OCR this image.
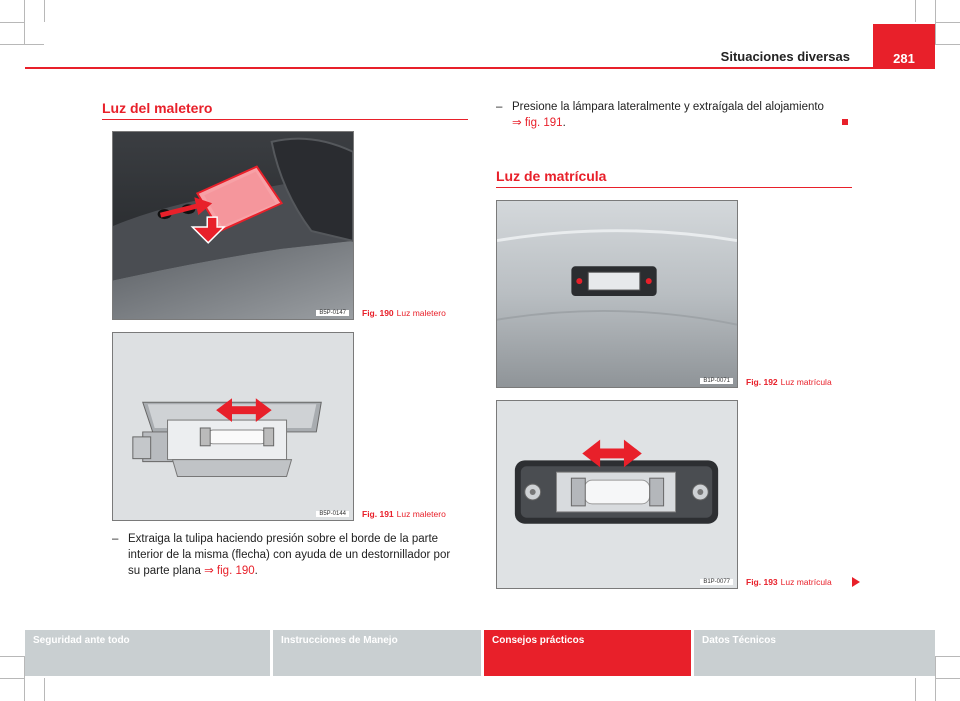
Situaciones diversas	281
Luz del maletero
B5P-0147	Fig. 190 Luz maletero
B5P-0144	Fig. 191 Luz maletero
– Extraiga la tulipa haciendo presión sobre el borde de la parte
interior de la misma (flecha) con ayuda de un destornillador por
su parte plana ⇒ fig. 190.
– Presione la lámpara lateralmente y extraígala del alojamiento
⇒ fig. 191.
Luz de matrícula
B1P-0071	Fig. 192 Luz matrícula
B1P-0077	Fig. 193 Luz matrícula
Seguridad ante todo	Instrucciones de Manejo	Consejos prácticos	Datos Técnicos
